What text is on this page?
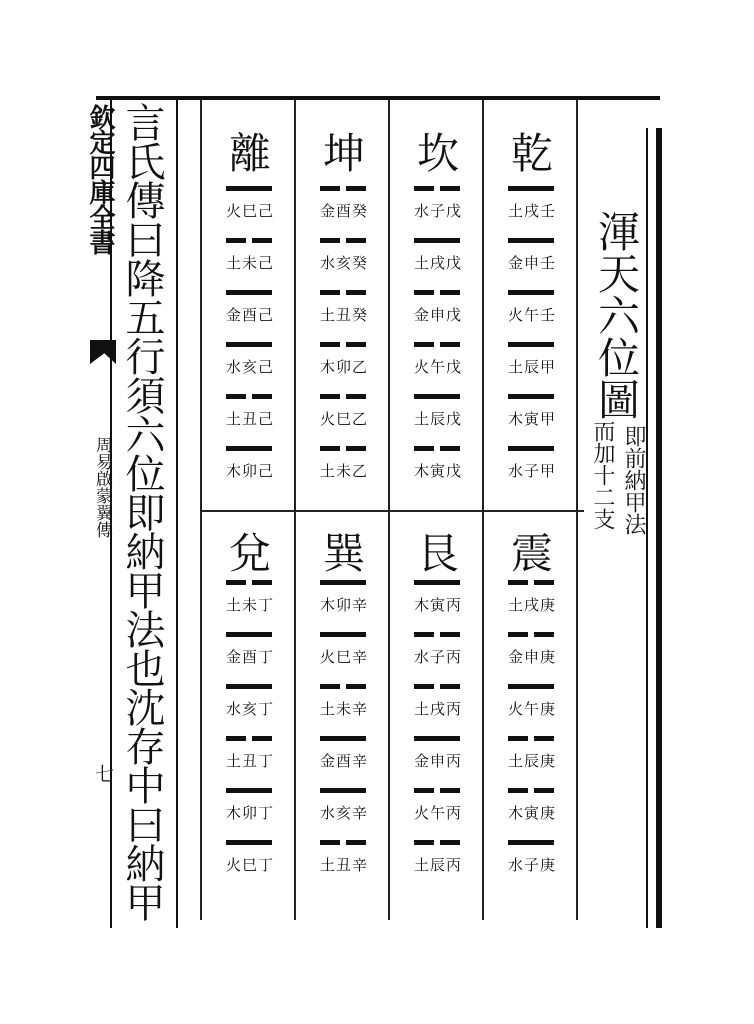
欽定四庫全書
周易啟蒙翼傳
七 言氏傳曰降五行須六位即納甲法也沈存中曰納甲	乾
土戌壬
金申壬
火午壬
土辰甲
木寅甲
水子甲
坎
水子戊
土戌戊
金申戊
火午戊
土辰戊
木寅戊
坤
金酉癸
水亥癸
土丑癸
木卯乙
火巳乙
土未乙
離
火巳己
土未己
金酉己
水亥己
土丑己
木卯己
震
土戌庚
金申庚
火午庚
土辰庚
木寅庚
水子庚
艮
木寅丙
水子丙
土戌丙
金申丙
火午丙
土辰丙
巽
木卯辛
火巳辛
土未辛
金酉辛
水亥辛
土丑辛
兌
土未丁
金酉丁
水亥丁
土丑丁
木卯丁
火巳丁
渾天六位圖
即前納甲法
而加十二支
